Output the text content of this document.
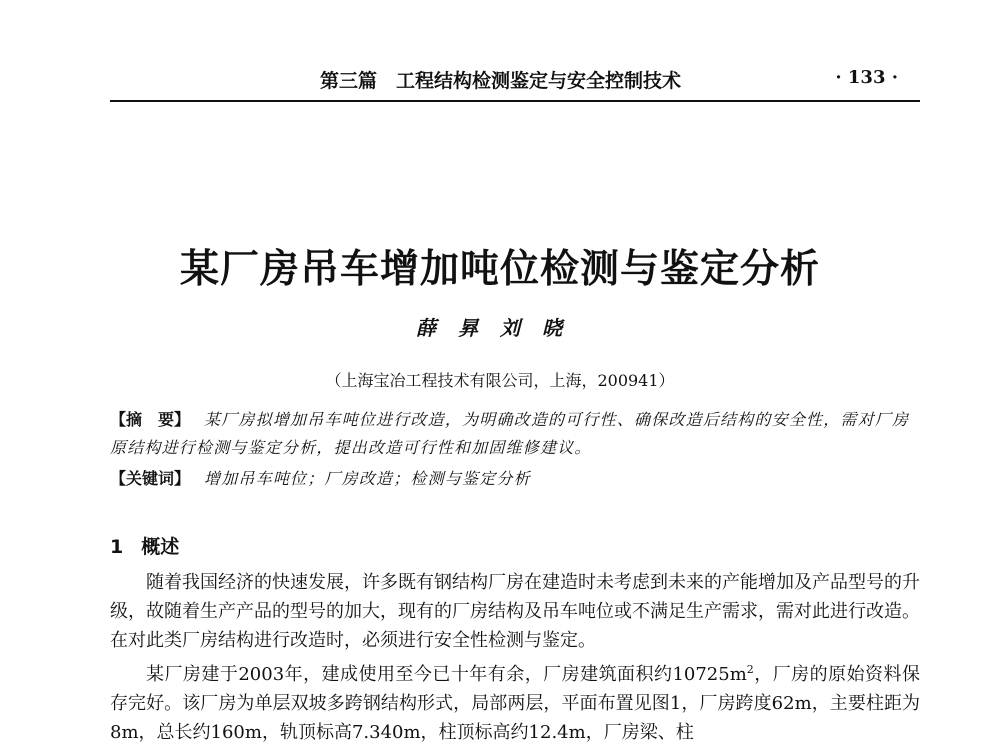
第三篇　工程结构检测鉴定与安全控制技术	· 133 ·
某厂房吊车增加吨位检测与鉴定分析
薛昪刘晓
（上海宝冶工程技术有限公司，上海，200941）
【摘　要】 某厂房拟增加吊车吨位进行改造，为明确改造的可行性、确保改造后结构的安全性，需对厂房原结构进行检测与鉴定分析，提出改造可行性和加固维修建议。
【关键词】 增加吊车吨位；厂房改造；检测与鉴定分析
1 概述

随着我国经济的快速发展，许多既有钢结构厂房在建造时未考虑到未来的产能增加及产品型号的升级，故随着生产产品的型号的加大，现有的厂房结构及吊车吨位或不满足生产需求，需对此进行改造。在对此类厂房结构进行改造时，必须进行安全性检测与鉴定。

某厂房建于2003年，建成使用至今已十年有余，厂房建筑面积约$10725m^2$，厂房的原始资料保存完好。该厂房为单层双坡多跨钢结构形式，局部两层，平面布置见图1，厂房跨度62m，主要柱距为8m，总长约160m，轨顶标高7.340m，柱顶标高约12.4m，厂房梁、柱
